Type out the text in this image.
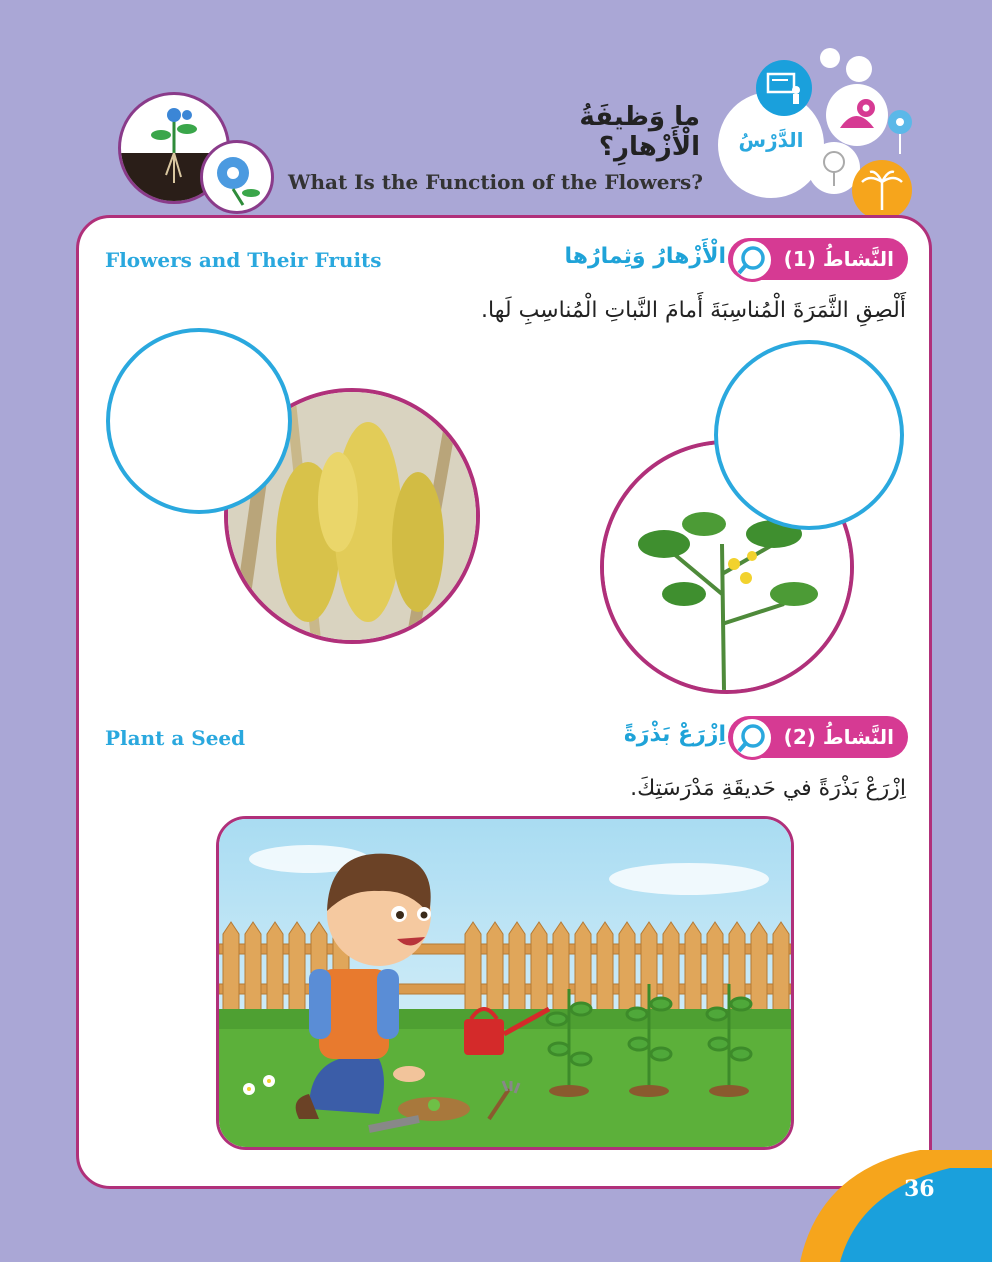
ما وَظيفَةُ الْأَزْهارِ؟
What Is the Function of the Flowers?
الدَّرْسُ
Flowers and Their Fruits	الْأَزْهارُ وَثِمارُها	النَّشاطُ (1)
أَلْصِقِ الثَّمَرَةَ الْمُناسِبَةَ أَمامَ النَّباتِ الْمُناسِبِ لَها.
Plant a Seed	اِزْرَعْ بَذْرَةً	النَّشاطُ (2)
اِزْرَعْ بَذْرَةً في حَديقَةِ مَدْرَسَتِكَ.
36
